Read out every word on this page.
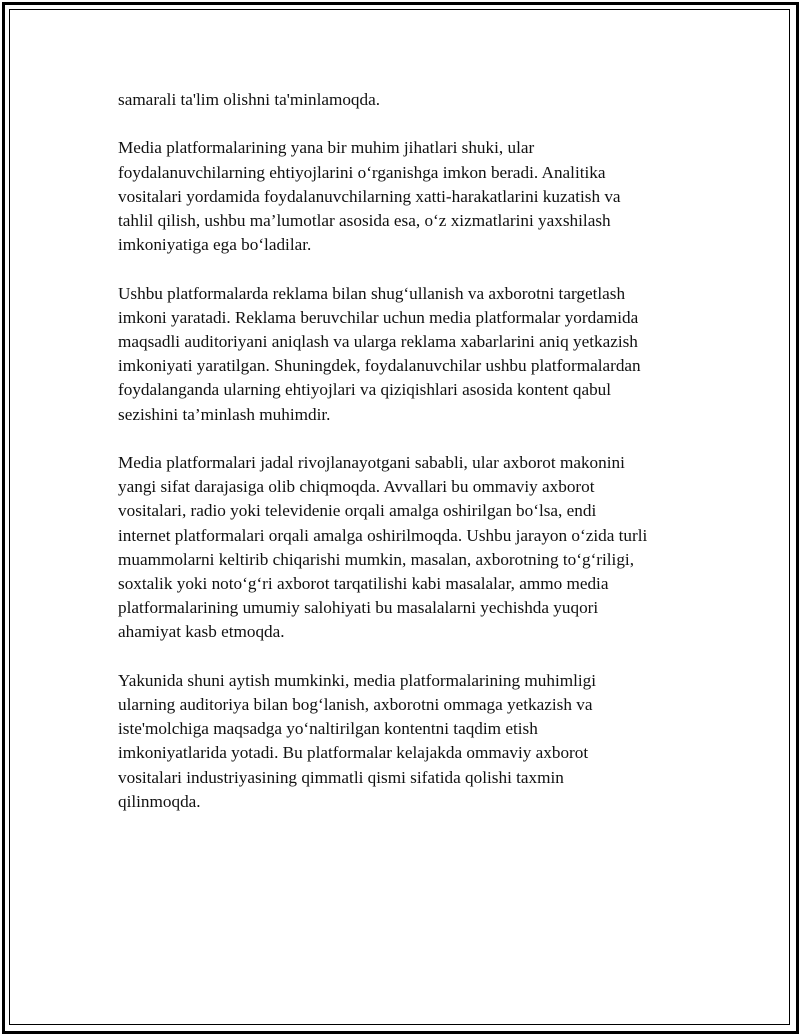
samarali ta'lim olishni ta'minlamoqda.

Media platformalarining yana bir muhim jihatlari shuki, ular
foydalanuvchilarning ehtiyojlarini o‘rganishga imkon beradi. Analitika
vositalari yordamida foydalanuvchilarning xatti-harakatlarini kuzatish va
tahlil qilish, ushbu ma’lumotlar asosida esa, o‘z xizmatlarini yaxshilash
imkoniyatiga ega bo‘ladilar.

Ushbu platformalarda reklama bilan shug‘ullanish va axborotni targetlash
imkoni yaratadi. Reklama beruvchilar uchun media platformalar yordamida
maqsadli auditoriyani aniqlash va ularga reklama xabarlarini aniq yetkazish
imkoniyati yaratilgan. Shuningdek, foydalanuvchilar ushbu platformalardan
foydalanganda ularning ehtiyojlari va qiziqishlari asosida kontent qabul
sezishini ta’minlash muhimdir.

Media platformalari jadal rivojlanayotgani sababli, ular axborot makonini
yangi sifat darajasiga olib chiqmoqda. Avvallari bu ommaviy axborot
vositalari, radio yoki televidenie orqali amalga oshirilgan bo‘lsa, endi
internet platformalari orqali amalga oshirilmoqda. Ushbu jarayon o‘zida turli
muammolarni keltirib chiqarishi mumkin, masalan, axborotning to‘g‘riligi,
soxtalik yoki noto‘g‘ri axborot tarqatilishi kabi masalalar, ammo media
platformalarining umumiy salohiyati bu masalalarni yechishda yuqori
ahamiyat kasb etmoqda.

Yakunida shuni aytish mumkinki, media platformalarining muhimligi
ularning auditoriya bilan bog‘lanish, axborotni ommaga yetkazish va
iste'molchiga maqsadga yo‘naltirilgan kontentni taqdim etish
imkoniyatlarida yotadi. Bu platformalar kelajakda ommaviy axborot
vositalari industriyasining qimmatli qismi sifatida qolishi taxmin
qilinmoqda.
